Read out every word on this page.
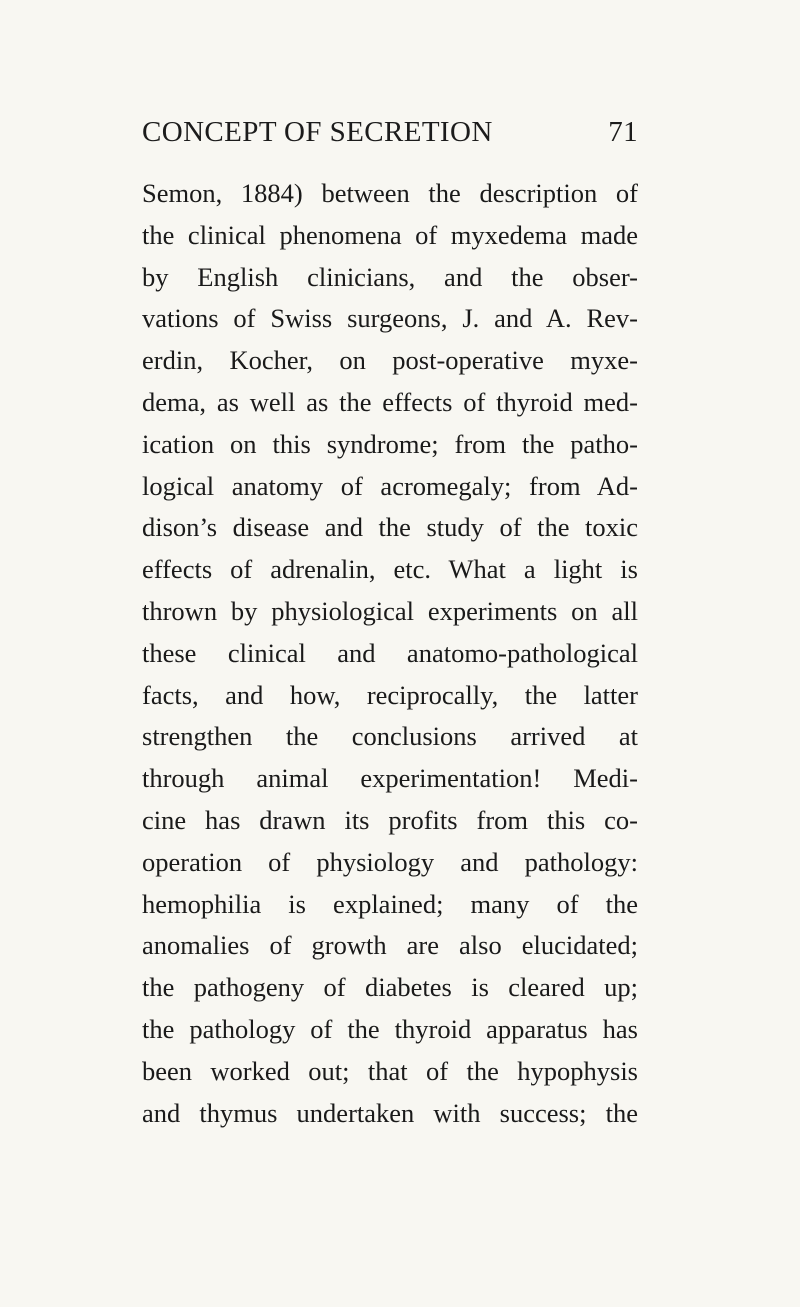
CONCEPT OF SECRETION	71
Semon, 1884) between the description of
the clinical phenomena of myxedema made
by English clinicians, and the obser-
vations of Swiss surgeons, J. and A. Rev-
erdin, Kocher, on post-operative myxe-
dema, as well as the effects of thyroid med-
ication on this syndrome; from the patho-
logical anatomy of acromegaly; from Ad-
dison’s disease and the study of the toxic
effects of adrenalin, etc. What a light is
thrown by physiological experiments on all
these clinical and anatomo-pathological
facts, and how, reciprocally, the latter
strengthen the conclusions arrived at
through animal experimentation! Medi-
cine has drawn its profits from this co-
operation of physiology and pathology:
hemophilia is explained; many of the
anomalies of growth are also elucidated;
the pathogeny of diabetes is cleared up;
the pathology of the thyroid apparatus has
been worked out; that of the hypophysis
and thymus undertaken with success; the
